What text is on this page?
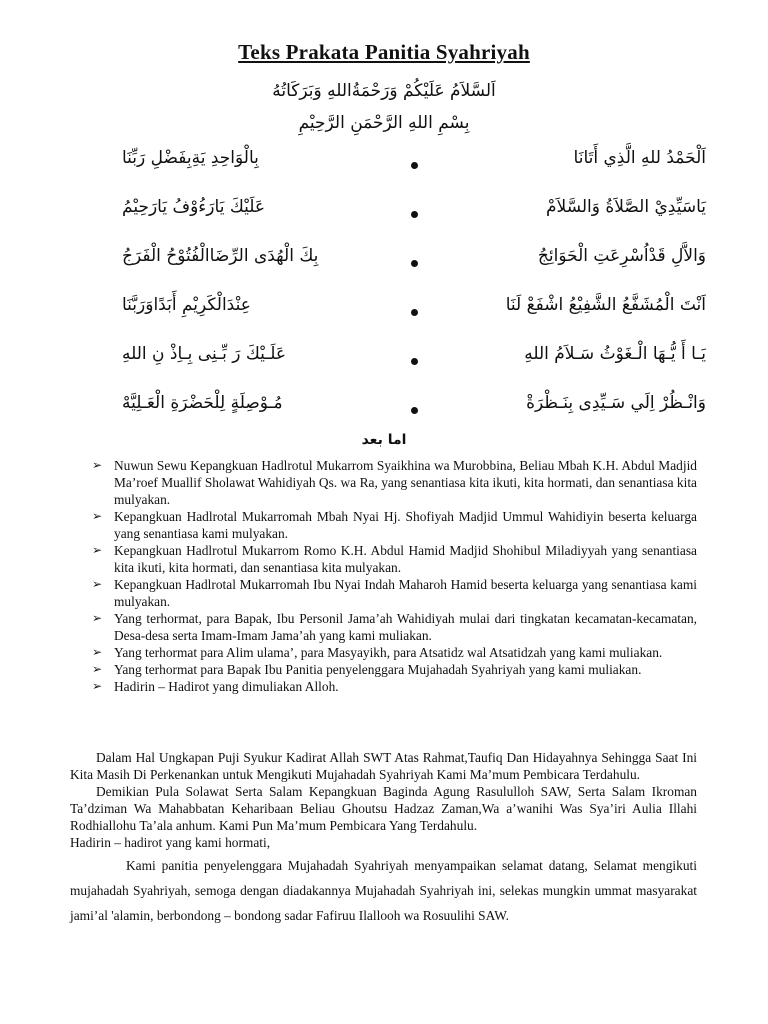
Teks Prakata Panitia Syahriyah
اَلسَّلاَمُ عَلَيْكُمْ وَرَحْمَةُاللهِ وَبَرَكَاتُهُ
بِسْمِ اللهِ الرَّحْمَنِ الرَّحِيْمِ
اَلْحَمْدُ للهِ الَّذِي أَتَانَا
بِالْوَاحِدِ يَةِبِفَضْلِ رَبِّنَا
يَاسَيِّدِيْ الصَّلاَةُ وَالسَّلاَمْ
عَلَيْكَ يَارَءُوْفُ يَارَحِيْمُ
وَالاَّلِ قَدْاُسْرِعَتِ الْحَوَائِجُ
بِكَ الْهُدَى الرِّضَاالْفُتُوْحُ الْفَرَجُ
اَنْتَ الْمُشَفَّعُ الشَّفِيْعُ اشْفَعْ لَنَا
عِنْدَالْكَرِيْمِ أَبَدًاوَرَبَّنَا
يَـا أَ يُّـهَا الْـغَوْثُ سَـلاَمُ اللهِ
عَلَـيْكَ رَ بِّـنِى بِـاِذْ نِ اللهِ
وَانْـظُرْ اِلَي سَـيِّدِى بِنَـظْرَةْ
مُـوْصِلَةٍ لِلْحَضْرَةِ الْعَـلِيَّهْ
اما بعد
➢ Nuwun Sewu Kepangkuan Hadlrotul Mukarrom Syaikhina wa Murobbina, Beliau Mbah K.H. Abdul Madjid Ma’roef Muallif Sholawat Wahidiyah Qs. wa Ra, yang senantiasa kita ikuti, kita hormati, dan senantiasa kita mulyakan.
➢ Kepangkuan Hadlrotal Mukarromah Mbah Nyai Hj. Shofiyah Madjid Ummul Wahidiyin beserta keluarga yang senantiasa kami mulyakan.
➢ Kepangkuan Hadlrotul Mukarrom Romo K.H. Abdul Hamid Madjid Shohibul Miladiyyah yang senantiasa kita ikuti, kita hormati, dan senantiasa kita mulyakan.
➢ Kepangkuan Hadlrotal Mukarromah Ibu Nyai Indah Maharoh Hamid beserta keluarga yang senantiasa kami mulyakan.
➢ Yang terhormat, para Bapak, Ibu Personil Jama’ah Wahidiyah mulai dari tingkatan kecamatan-kecamatan, Desa-desa serta Imam-Imam Jama’ah yang kami muliakan.
➢ Yang terhormat para Alim ulama’, para Masyayikh, para Atsatidz wal Atsatidzah yang kami muliakan.
➢ Yang terhormat para Bapak Ibu Panitia penyelenggara Mujahadah Syahriyah yang kami muliakan.
➢ Hadirin – Hadirot yang dimuliakan Alloh.

Dalam Hal Ungkapan Puji Syukur Kadirat Allah SWT Atas Rahmat,Taufiq Dan Hidayahnya Sehingga Saat Ini Kita Masih Di Perkenankan untuk Mengikuti Mujahadah Syahriyah Kami Ma’mum Pembicara Terdahulu.

Demikian Pula Solawat Serta Salam Kepangkuan Baginda Agung Rasululloh SAW, Serta Salam Ikroman Ta’dziman Wa Mahabbatan Keharibaan Beliau Ghoutsu Hadzaz Zaman,Wa a’wanihi Was Sya’iri Aulia Illahi Rodhiallohu Ta’ala anhum. Kami Pun Ma’mum Pembicara Yang Terdahulu.

Hadirin – hadirot yang kami hormati,

Kami panitia penyelenggara Mujahadah Syahriyah menyampaikan selamat datang, Selamat mengikuti mujahadah Syahriyah, semoga dengan diadakannya Mujahadah Syahriyah ini, selekas mungkin ummat masyarakat jami’al 'alamin, berbondong – bondong sadar Fafiruu Ilallooh wa Rosuulihi SAW.
